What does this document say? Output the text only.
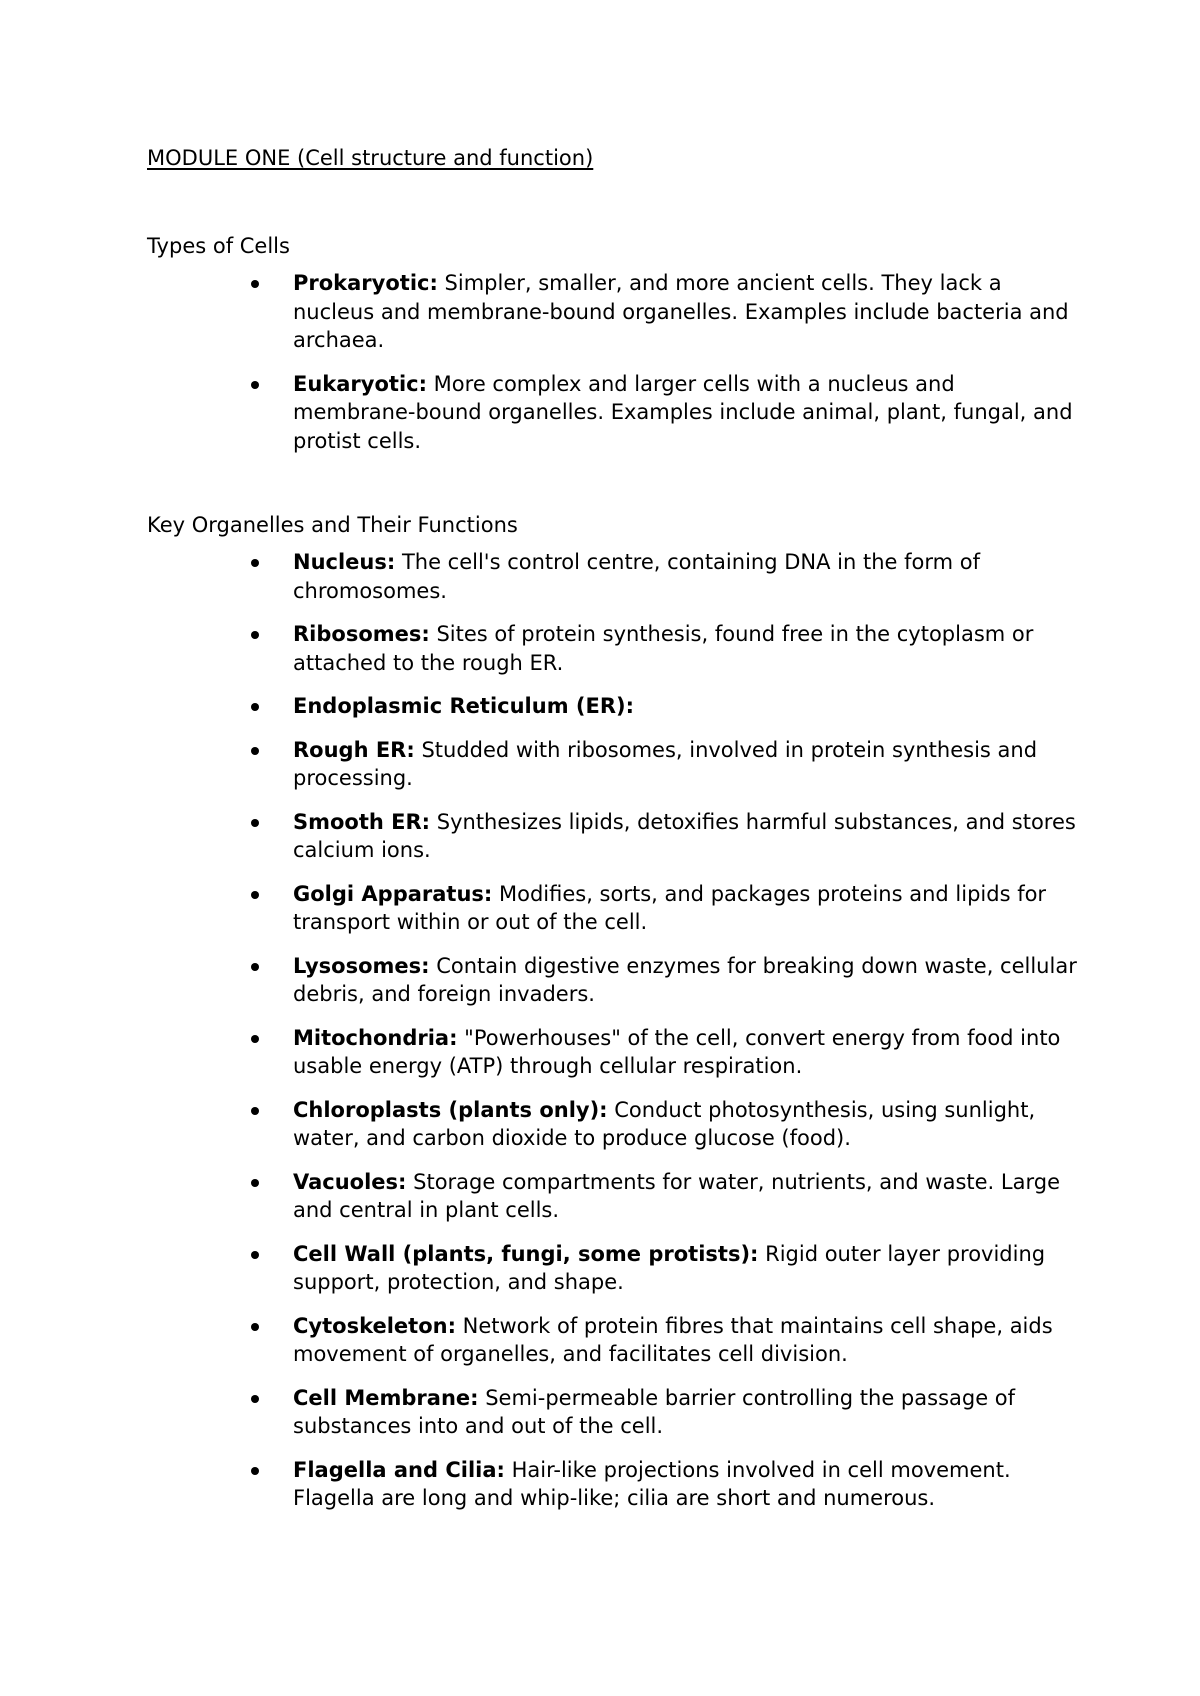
MODULE ONE (Cell structure and function)
Types of Cells
Prokaryotic: Simpler, smaller, and more ancient cells. They lack a nucleus and membrane-bound organelles. Examples include bacteria and archaea.
Eukaryotic: More complex and larger cells with a nucleus and membrane-bound organelles. Examples include animal, plant, fungal, and protist cells.
Key Organelles and Their Functions
Nucleus: The cell's control centre, containing DNA in the form of chromosomes.
Ribosomes: Sites of protein synthesis, found free in the cytoplasm or attached to the rough ER.
Endoplasmic Reticulum (ER):
Rough ER: Studded with ribosomes, involved in protein synthesis and processing.
Smooth ER: Synthesizes lipids, detoxifies harmful substances, and stores calcium ions.
Golgi Apparatus: Modifies, sorts, and packages proteins and lipids for transport within or out of the cell.
Lysosomes: Contain digestive enzymes for breaking down waste, cellular debris, and foreign invaders.
Mitochondria: "Powerhouses" of the cell, convert energy from food into usable energy (ATP) through cellular respiration.
Chloroplasts (plants only): Conduct photosynthesis, using sunlight, water, and carbon dioxide to produce glucose (food).
Vacuoles: Storage compartments for water, nutrients, and waste. Large and central in plant cells.
Cell Wall (plants, fungi, some protists): Rigid outer layer providing support, protection, and shape.
Cytoskeleton: Network of protein fibres that maintains cell shape, aids movement of organelles, and facilitates cell division.
Cell Membrane: Semi-permeable barrier controlling the passage of substances into and out of the cell.
Flagella and Cilia: Hair-like projections involved in cell movement. Flagella are long and whip-like; cilia are short and numerous.
